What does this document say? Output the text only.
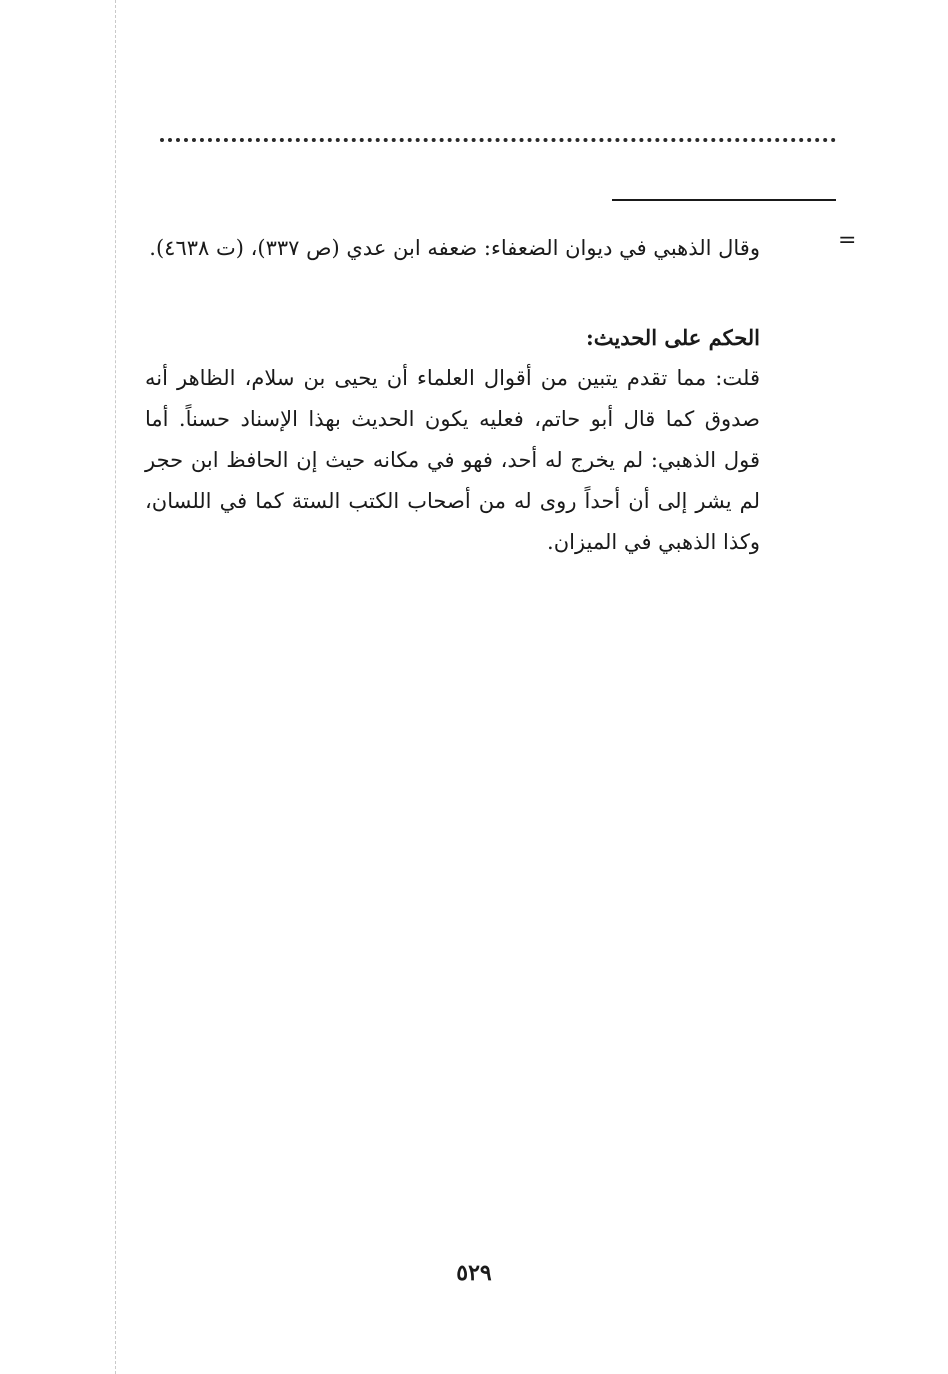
=

وقال الذهبي في ديوان الضعفاء: ضعفه ابن عدي (ص ٣٣٧)، (ت ٤٦٣٨).

الحكم على الحديث:

قلت: مما تقدم يتبين من أقوال العلماء أن يحيى بن سلام، الظاهر أنه صدوق كما قال أبو حاتم، فعليه يكون الحديث بهذا الإسناد حسناً. أما قول الذهبي: لم يخرج له أحد، فهو في مكانه حيث إن الحافظ ابن حجر لم يشر إلى أن أحداً روى له من أصحاب الكتب الستة كما في اللسان، وكذا الذهبي في الميزان.

٥٢٩
